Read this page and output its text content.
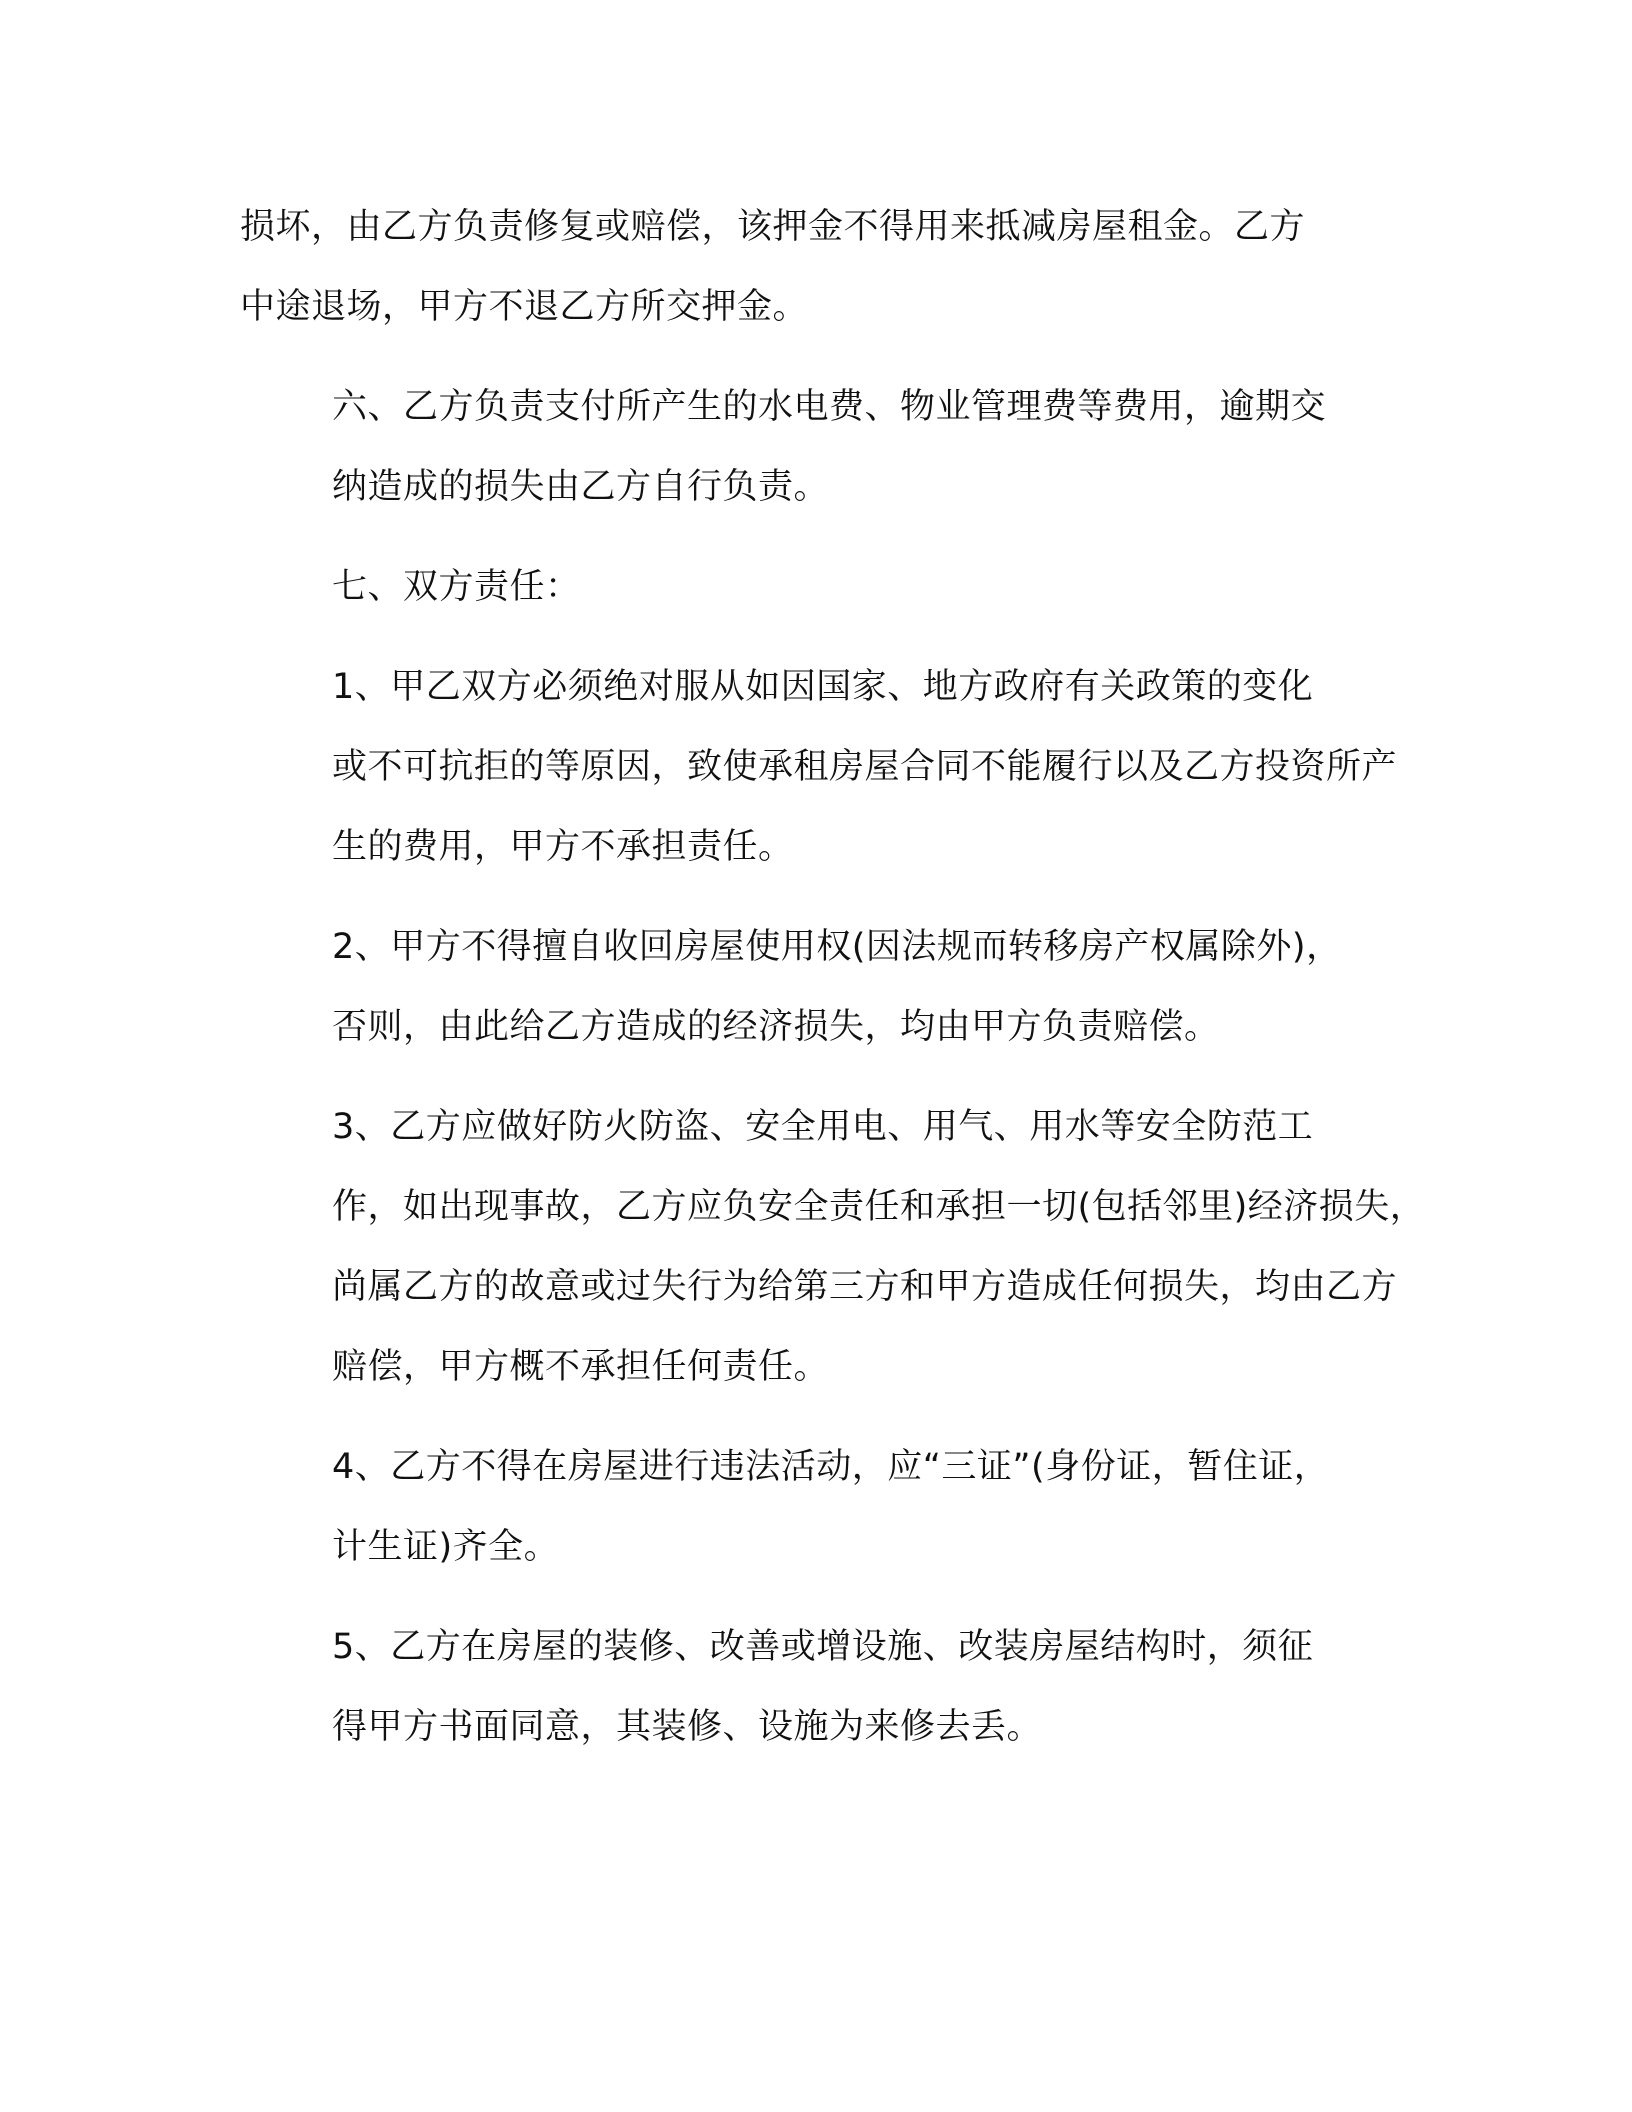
损坏，由乙方负责修复或赔偿，该押金不得用来抵减房屋租金。乙方
中途退场，甲方不退乙方所交押金。

六、乙方负责支付所产生的水电费、物业管理费等费用，逾期交
纳造成的损失由乙方自行负责。

七、双方责任：

1、甲乙双方必须绝对服从如因国家、地方政府有关政策的变化
或不可抗拒的等原因，致使承租房屋合同不能履行以及乙方投资所产
生的费用，甲方不承担责任。

2、甲方不得擅自收回房屋使用权(因法规而转移房产权属除外)，
否则，由此给乙方造成的经济损失，均由甲方负责赔偿。

3、乙方应做好防火防盗、安全用电、用气、用水等安全防范工
作，如出现事故，乙方应负安全责任和承担一切(包括邻里)经济损失，
尚属乙方的故意或过失行为给第三方和甲方造成任何损失，均由乙方
赔偿，甲方概不承担任何责任。

4、乙方不得在房屋进行违法活动，应“三证”(身份证，暂住证，
计生证)齐全。

5、乙方在房屋的装修、改善或增设施、改装房屋结构时，须征
得甲方书面同意，其装修、设施为来修去丢。
